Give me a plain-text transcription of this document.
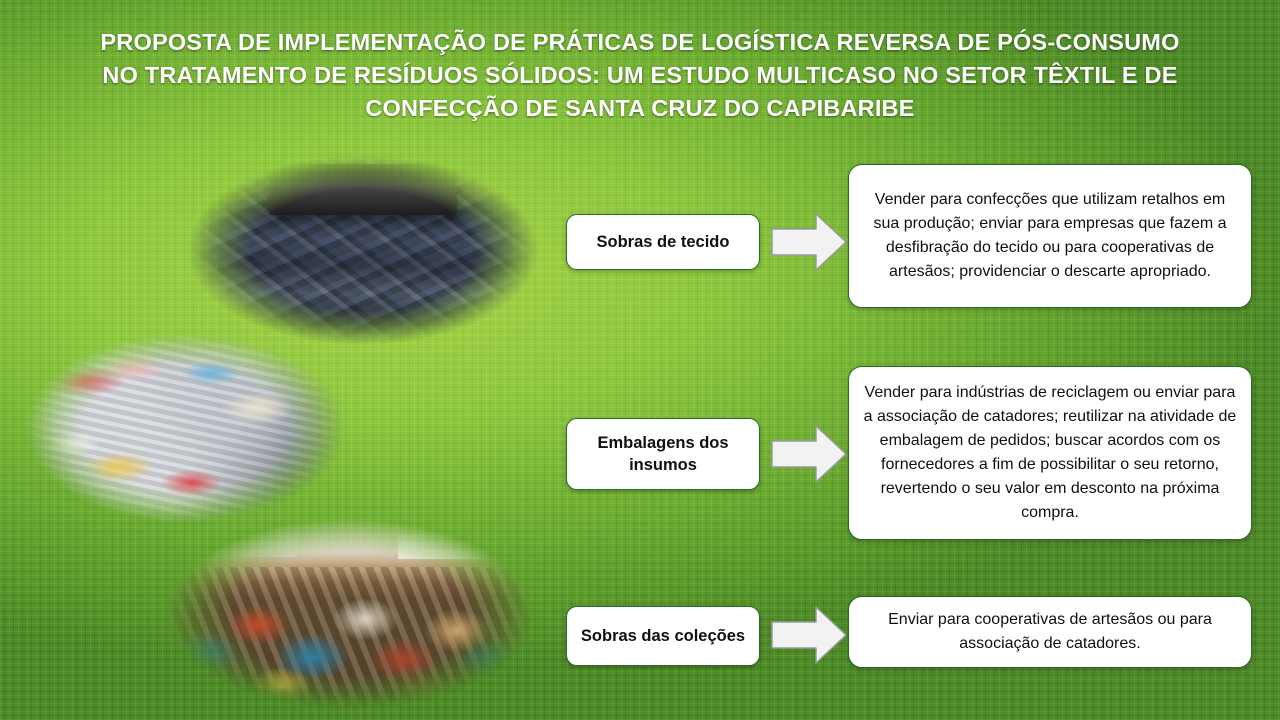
PROPOSTA DE IMPLEMENTAÇÃO DE PRÁTICAS DE LOGÍSTICA REVERSA DE PÓS-CONSUMO
NO TRATAMENTO DE RESÍDUOS SÓLIDOS: UM ESTUDO MULTICASO NO SETOR TÊXTIL E DE
CONFECÇÃO DE SANTA CRUZ DO CAPIBARIBE
Sobras de tecido
Vender para confecções que utilizam retalhos em sua produção; enviar para empresas que fazem a desfibração do tecido ou para cooperativas de artesãos; providenciar o descarte apropriado.
Embalagens dos insumos
Vender para indústrias de reciclagem ou enviar para a associação de catadores; reutilizar na atividade de embalagem de pedidos; buscar acordos com os fornecedores a fim de possibilitar o seu retorno, revertendo o seu valor em desconto na próxima compra.
Sobras das coleções
Enviar para cooperativas de artesãos ou para associação de catadores.
